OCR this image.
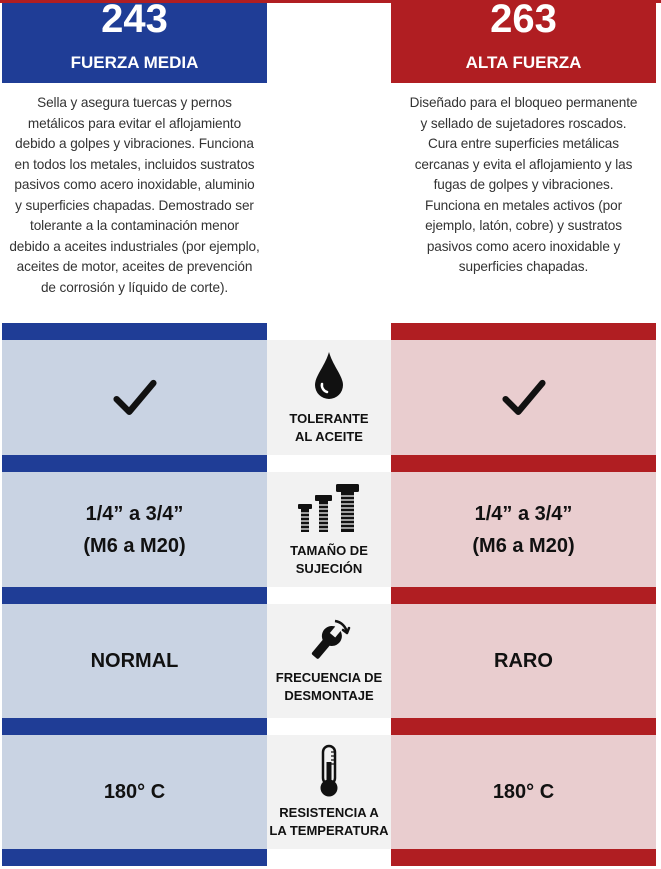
243
FUERZA MEDIA
263
ALTA FUERZA
Sella y asegura tuercas y pernos
metálicos para evitar el aflojamiento
debido a golpes y vibraciones. Funciona
en todos los metales, incluidos sustratos
pasivos como acero inoxidable, aluminio
y superficies chapadas. Demostrado ser
tolerante a la contaminación menor
debido a aceites industriales (por ejemplo,
aceites de motor, aceites de prevención
de corrosión y líquido de corte).
Diseñado para el bloqueo permanente
y sellado de sujetadores roscados.
Cura entre superficies metálicas
cercanas y evita el aflojamiento y las
fugas de golpes y vibraciones.
Funciona en metales activos (por
ejemplo, latón, cobre) y sustratos
pasivos como acero inoxidable y
superficies chapadas.
TOLERANTE
AL ACEITE
1/4” a 3/4”
(M6 a M20)	TAMAÑO DE
SUJECIÓN
1/4” a 3/4”
(M6 a M20)
NORMAL
FRECUENCIA DE
DESMONTAJE
RARO
180° C
RESISTENCIA A
LA TEMPERATURA
180° C
